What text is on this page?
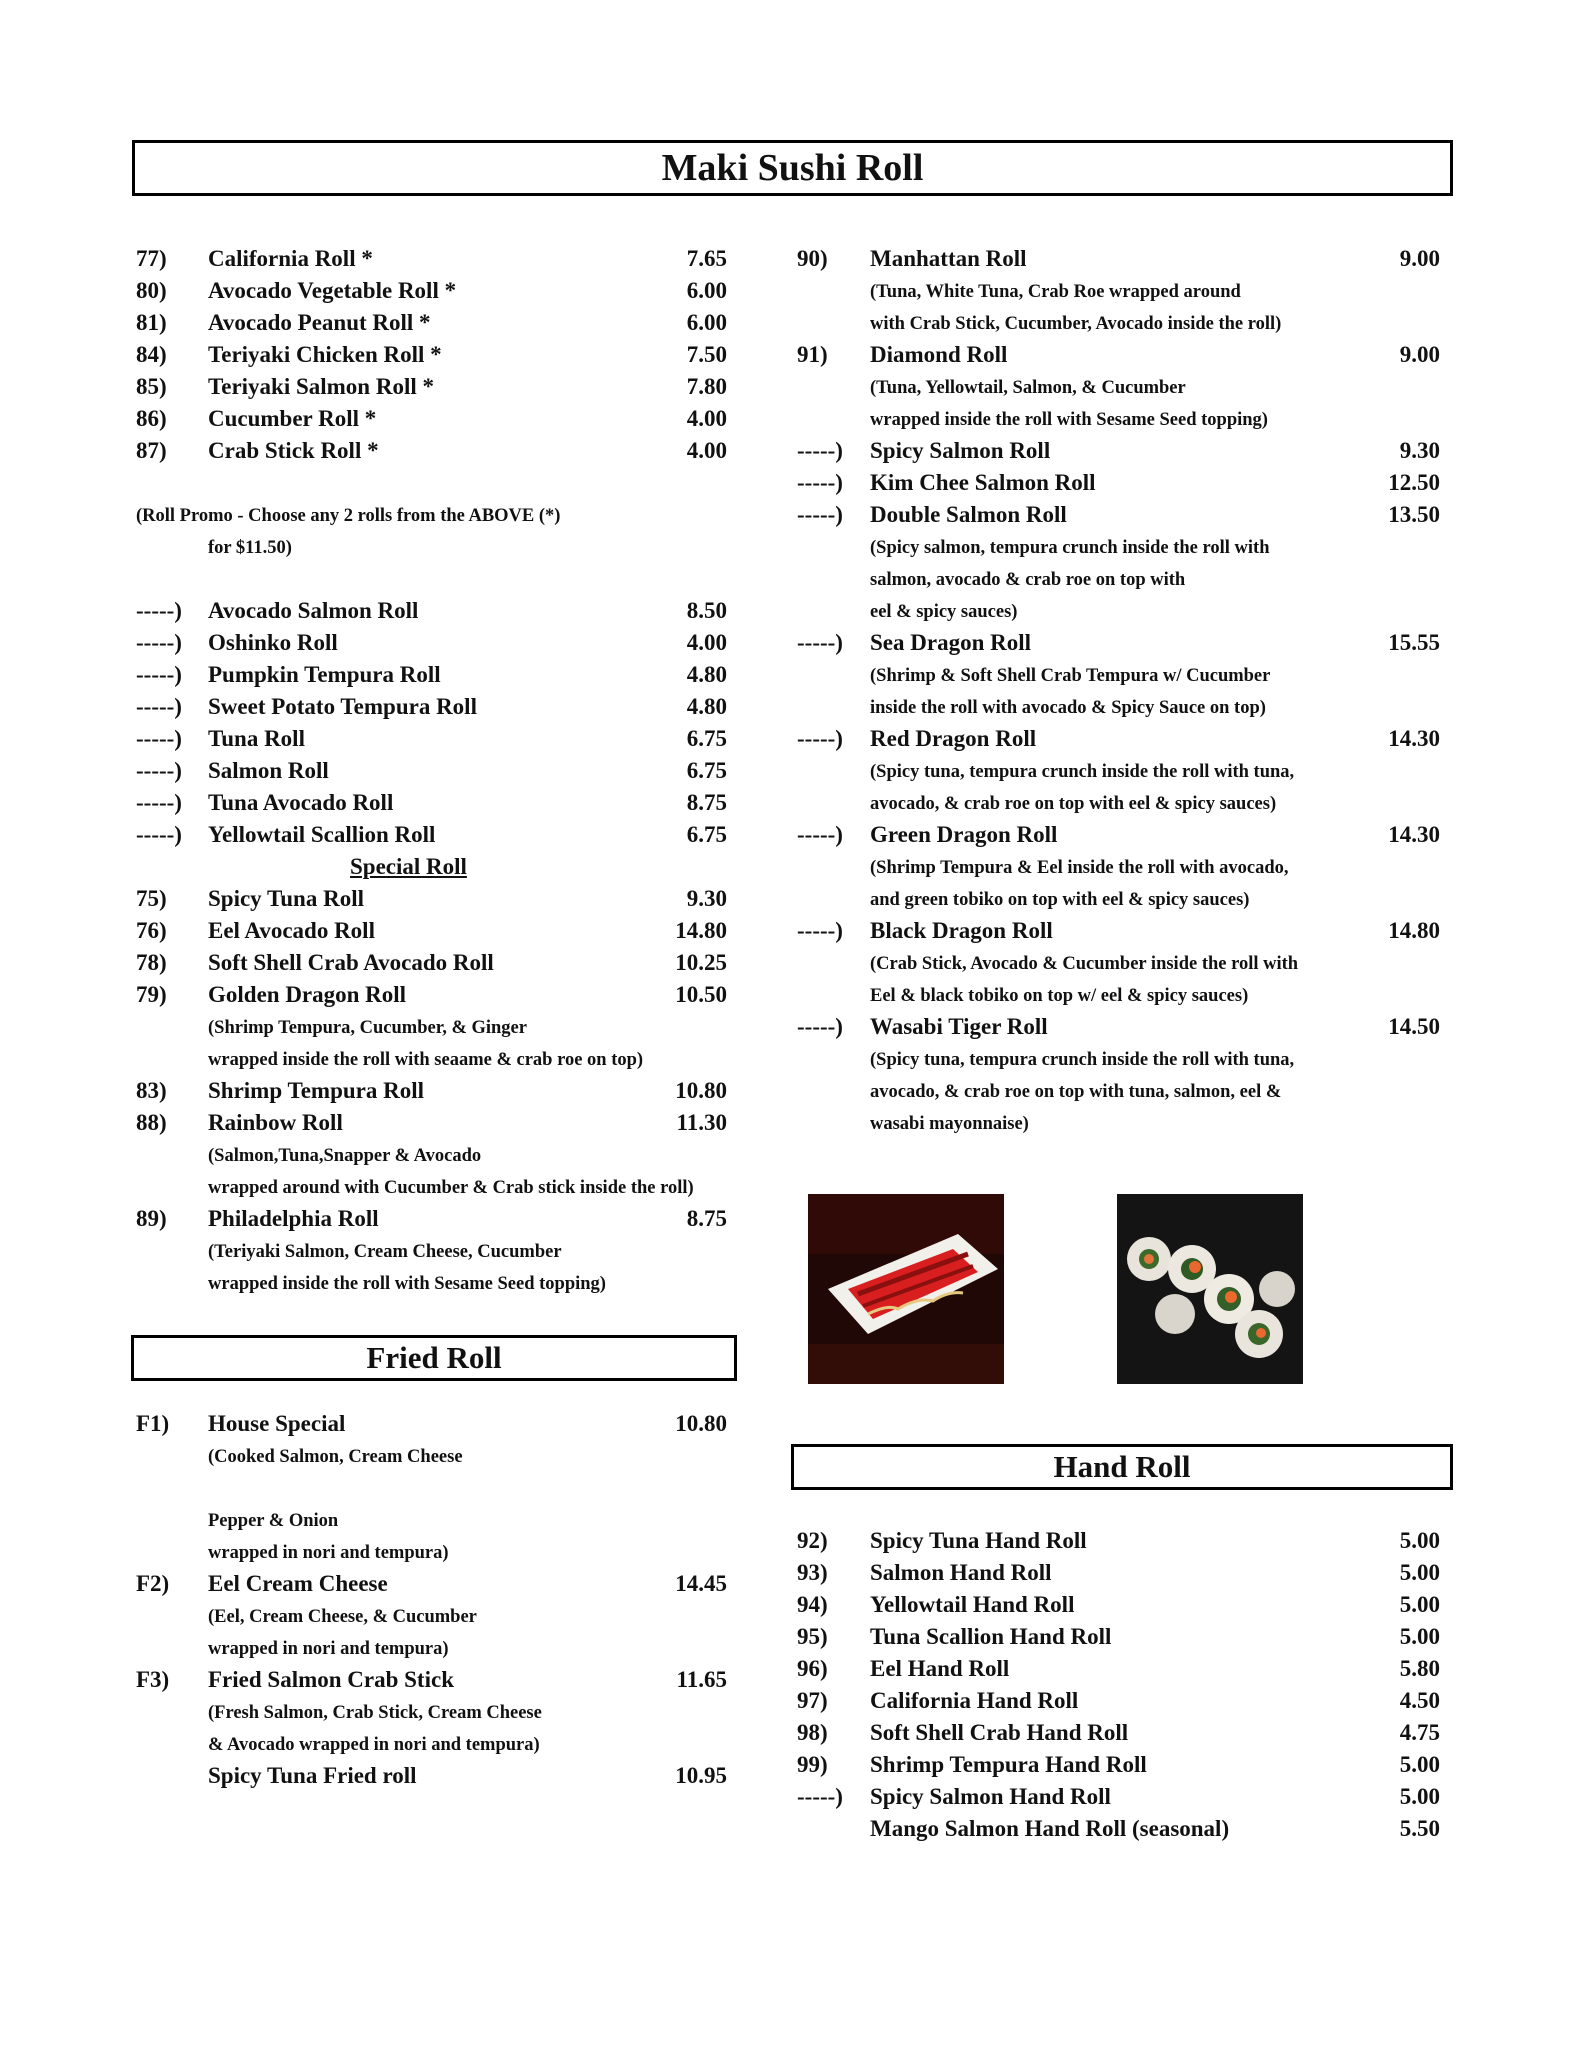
Maki Sushi Roll
Fried Roll
Hand Roll
77) California Roll *	7.65
80) Avocado Vegetable Roll *	6.00
81) Avocado Peanut Roll *	6.00
84) Teriyaki Chicken Roll *	7.50
85) Teriyaki Salmon Roll *	7.80
86) Cucumber Roll *	4.00
87) Crab Stick Roll *	4.00
(Roll Promo - Choose any 2 rolls from the ABOVE (*)
for $11.50)
-----) Avocado Salmon Roll	8.50
-----) Oshinko Roll	4.00
-----) Pumpkin Tempura Roll	4.80
-----) Sweet Potato Tempura Roll	4.80
-----) Tuna Roll	6.75
-----) Salmon Roll	6.75
-----) Tuna Avocado Roll	8.75
-----) Yellowtail Scallion Roll	6.75
Special Roll
75) Spicy Tuna Roll	9.30
76) Eel Avocado Roll	14.80
78) Soft Shell Crab Avocado Roll	10.25
79) Golden Dragon Roll	10.50
(Shrimp Tempura, Cucumber, & Ginger
wrapped inside the roll with seaame & crab roe on top)
83) Shrimp Tempura Roll	10.80
88) Rainbow Roll	11.30
(Salmon,Tuna,Snapper & Avocado
wrapped around with Cucumber & Crab stick inside the roll)
89) Philadelphia Roll	8.75
(Teriyaki Salmon, Cream Cheese, Cucumber
wrapped inside the roll with Sesame Seed topping)
90) Manhattan Roll	9.00
(Tuna, White Tuna, Crab Roe wrapped around
with Crab Stick, Cucumber, Avocado inside the roll)
91) Diamond Roll	9.00
(Tuna, Yellowtail, Salmon, & Cucumber
wrapped inside the roll with Sesame Seed topping)
-----) Spicy Salmon Roll	9.30
-----) Kim Chee Salmon Roll	12.50
-----) Double Salmon Roll	13.50
(Spicy salmon, tempura crunch inside the roll with
salmon, avocado & crab roe on top with
eel & spicy sauces)
-----) Sea Dragon Roll	15.55
(Shrimp & Soft Shell Crab Tempura w/ Cucumber
inside the roll with avocado & Spicy Sauce on top)
-----) Red Dragon Roll	14.30
(Spicy tuna, tempura crunch inside the roll with tuna,
avocado, & crab roe on top with eel & spicy sauces)
-----) Green Dragon Roll	14.30
(Shrimp Tempura & Eel inside the roll with avocado,
and green tobiko on top with eel & spicy sauces)
-----) Black Dragon Roll	14.80
(Crab Stick, Avocado & Cucumber inside the roll with
Eel & black tobiko on top w/ eel & spicy sauces)
-----) Wasabi Tiger Roll	14.50
(Spicy tuna, tempura crunch inside the roll with tuna,
avocado, & crab roe on top with tuna, salmon, eel &
wasabi mayonnaise)
F1) House Special	10.80
(Cooked Salmon, Cream Cheese
Pepper & Onion
wrapped in nori and tempura)
F2) Eel Cream Cheese	14.45
(Eel, Cream Cheese, & Cucumber
wrapped in nori and tempura)
F3) Fried Salmon Crab Stick	11.65
(Fresh Salmon, Crab Stick, Cream Cheese
& Avocado wrapped in nori and tempura)
Spicy Tuna Fried roll	10.95
92) Spicy Tuna Hand Roll	5.00
93) Salmon Hand Roll	5.00
94) Yellowtail Hand Roll	5.00
95) Tuna Scallion Hand Roll	5.00
96) Eel Hand Roll	5.80
97) California Hand Roll	4.50
98) Soft Shell Crab Hand Roll	4.75
99) Shrimp Tempura Hand Roll	5.00
-----) Spicy Salmon Hand Roll	5.00
Mango Salmon Hand Roll (seasonal)	5.50
